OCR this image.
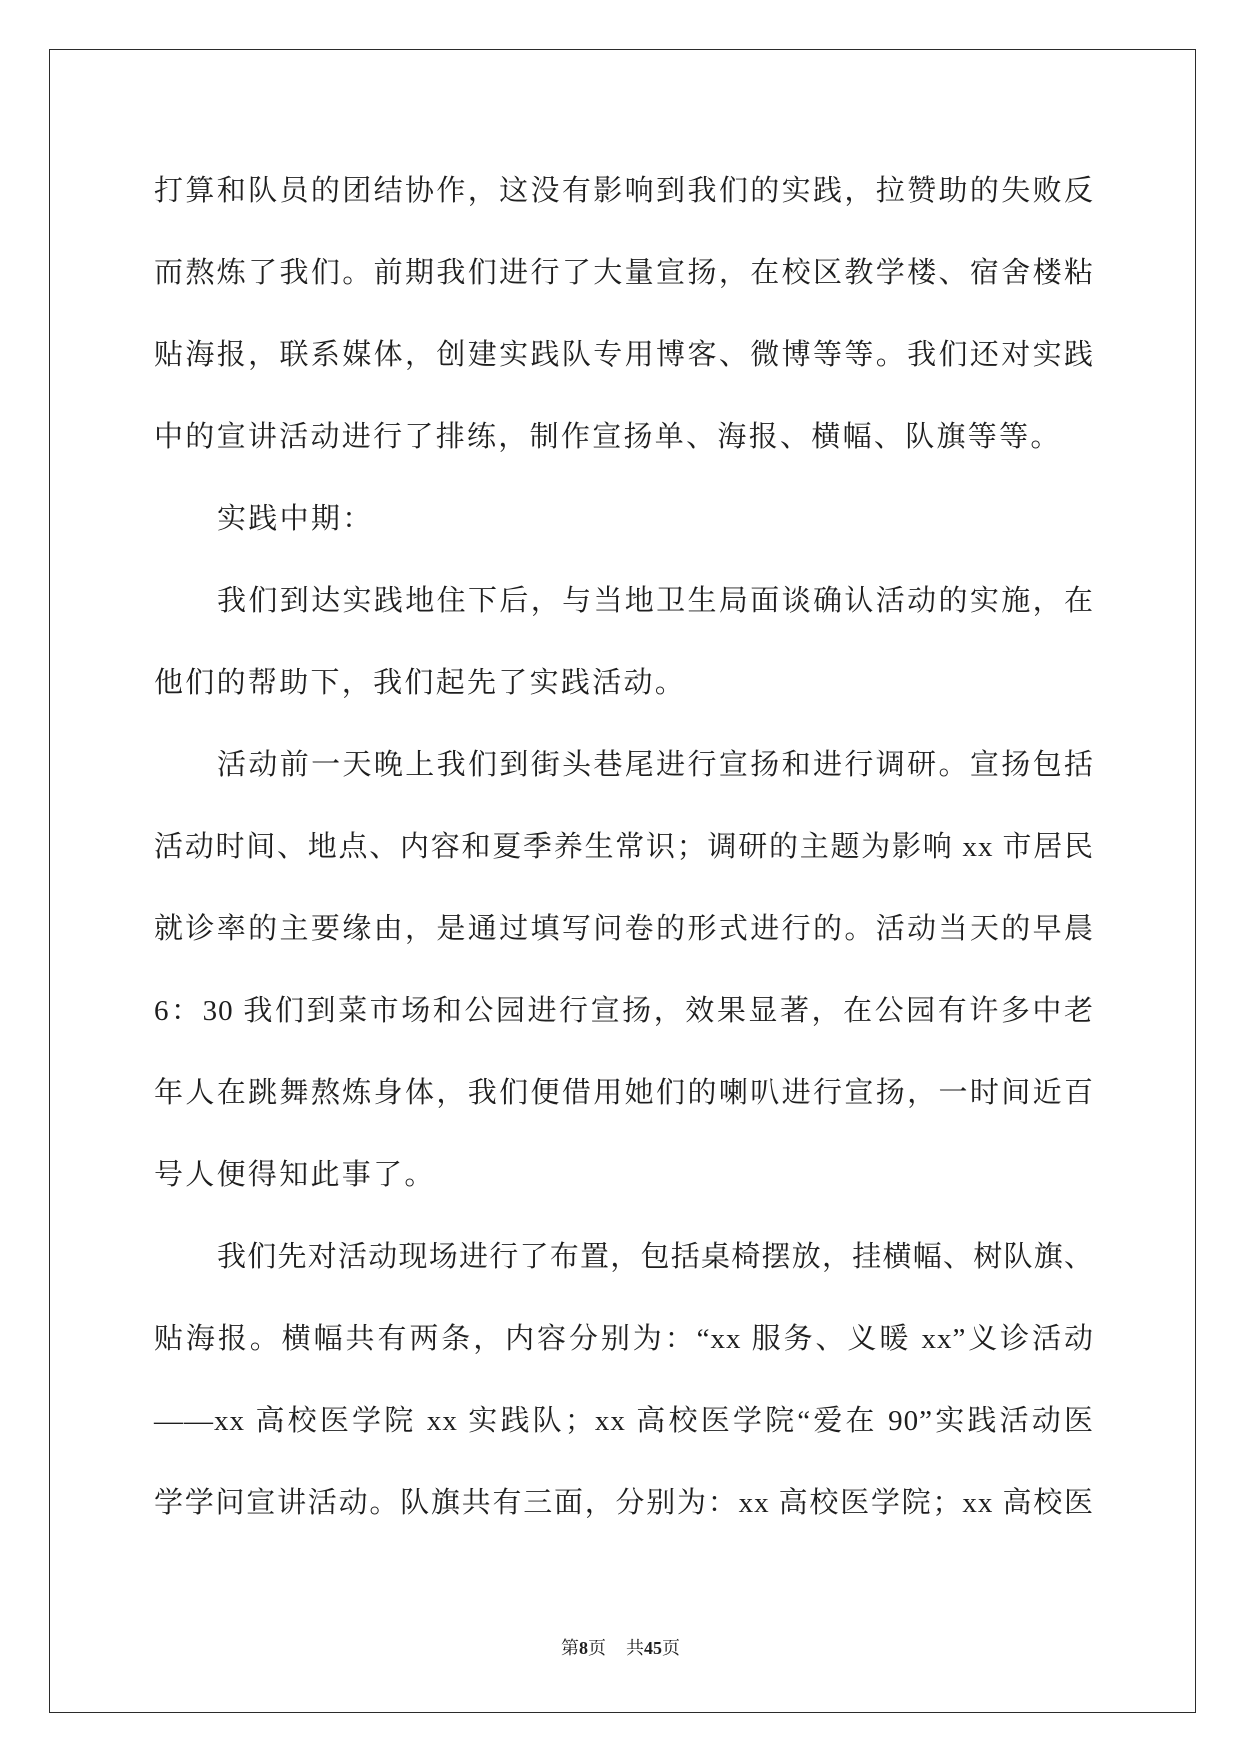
打算和队员的团结协作，这没有影响到我们的实践，拉赞助的失败反
而熬炼了我们。前期我们进行了大量宣扬，在校区教学楼、宿舍楼粘
贴海报，联系媒体，创建实践队专用博客、微博等等。我们还对实践
中的宣讲活动进行了排练，制作宣扬单、海报、横幅、队旗等等。
实践中期：
我们到达实践地住下后，与当地卫生局面谈确认活动的实施，在
他们的帮助下，我们起先了实践活动。
活动前一天晚上我们到街头巷尾进行宣扬和进行调研。宣扬包括
活动时间、地点、内容和夏季养生常识；调研的主题为影响 xx 市居民
就诊率的主要缘由，是通过填写问卷的形式进行的。活动当天的早晨
6：30 我们到菜市场和公园进行宣扬，效果显著，在公园有许多中老
年人在跳舞熬炼身体，我们便借用她们的喇叭进行宣扬，一时间近百
号人便得知此事了。
我们先对活动现场进行了布置，包括桌椅摆放，挂横幅、树队旗、
贴海报。横幅共有两条，内容分别为：“xx 服务、义暖 xx”义诊活动
——xx 高校医学院 xx 实践队；xx 高校医学院“爱在 90”实践活动医
学学问宣讲活动。队旗共有三面，分别为：xx 高校医学院；xx 高校医
第8页 共45页
